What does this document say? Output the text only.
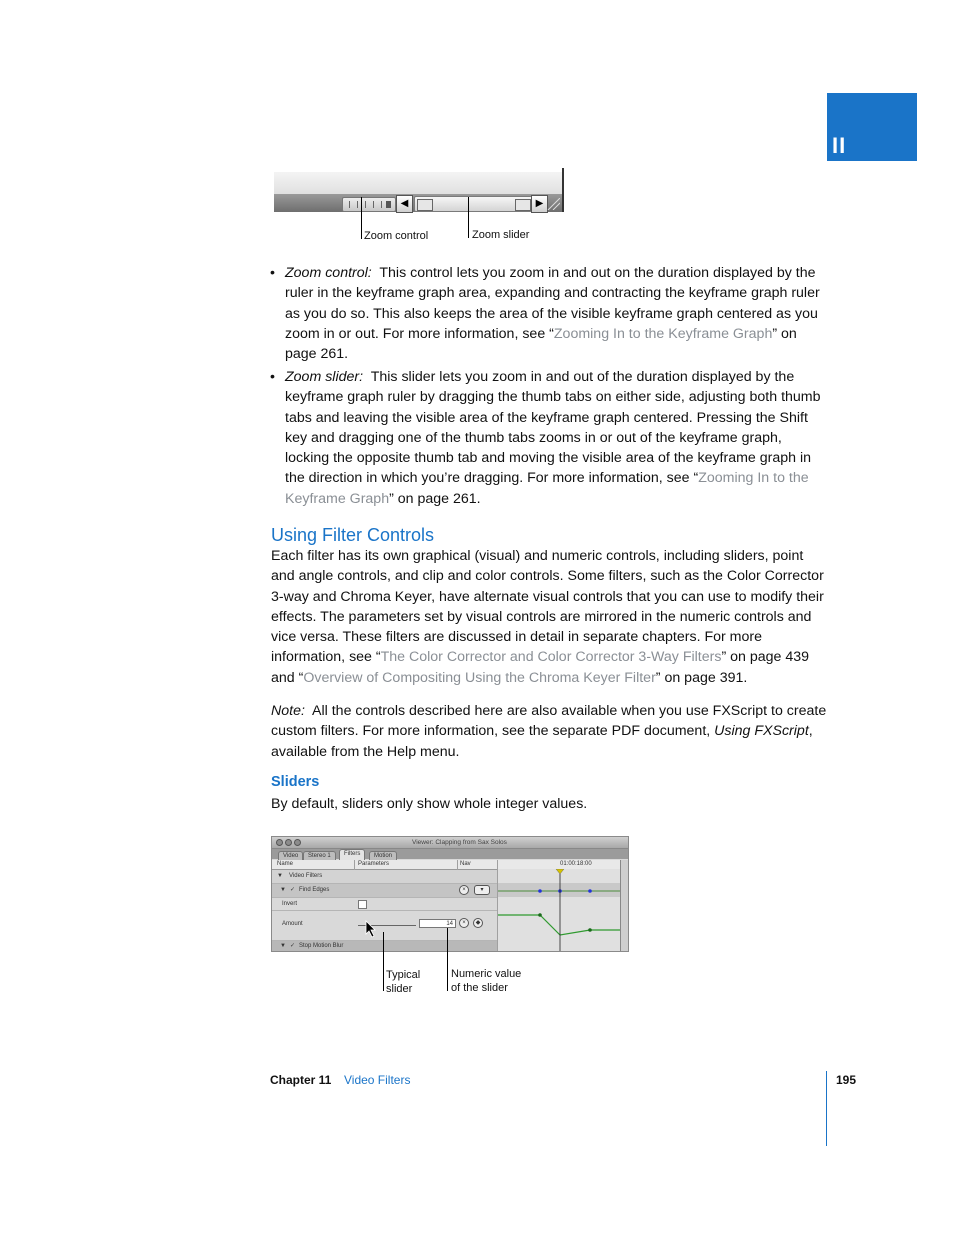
II
◀	▶
Zoom control	Zoom slider
• Zoom control: This control lets you zoom in and out on the duration displayed by the ruler in the keyframe graph area, expanding and contracting the keyframe graph ruler as you do so. This also keeps the area of the visible keyframe graph centered as you zoom in or out. For more information, see “Zooming In to the Keyframe Graph” on page 261.
• Zoom slider: This slider lets you zoom in and out of the duration displayed by the keyframe graph ruler by dragging the thumb tabs on either side, adjusting both thumb tabs and leaving the visible area of the keyframe graph centered. Pressing the Shift key and dragging one of the thumb tabs zooms in or out of the keyframe graph, locking the opposite thumb tab and moving the visible area of the keyframe graph in the direction in which you’re dragging. For more information, see “Zooming In to the Keyframe Graph” on page 261.
Using Filter Controls
Each filter has its own graphical (visual) and numeric controls, including sliders, point and angle controls, and clip and color controls. Some filters, such as the Color Corrector 3-way and Chroma Keyer, have alternate visual controls that you can use to modify their effects. The parameters set by visual controls are mirrored in the numeric controls and vice versa. These filters are discussed in detail in separate chapters. For more information, see “The Color Corrector and Color Corrector 3-Way Filters” on page 439 and “Overview of Compositing Using the Chroma Keyer Filter” on page 391.
Note: All the controls described here are also available when you use FXScript to create custom filters. For more information, see the separate PDF document, Using FXScript, available from the Help menu.
Sliders
By default, sliders only show whole integer values.
Viewer: Clapping from Sax Solos
Video	Stereo 1	Filters	Motion
Name	Parameters	Nav	01:00:18:00
▼ Video Filters
▼ ✓ Find Edges	×	▾
Invert
Amount	14	×	◆
▼ ✓ Stop Motion Blur
Typical
slider
Numeric value
of the slider
Chapter 11 Video Filters	195
